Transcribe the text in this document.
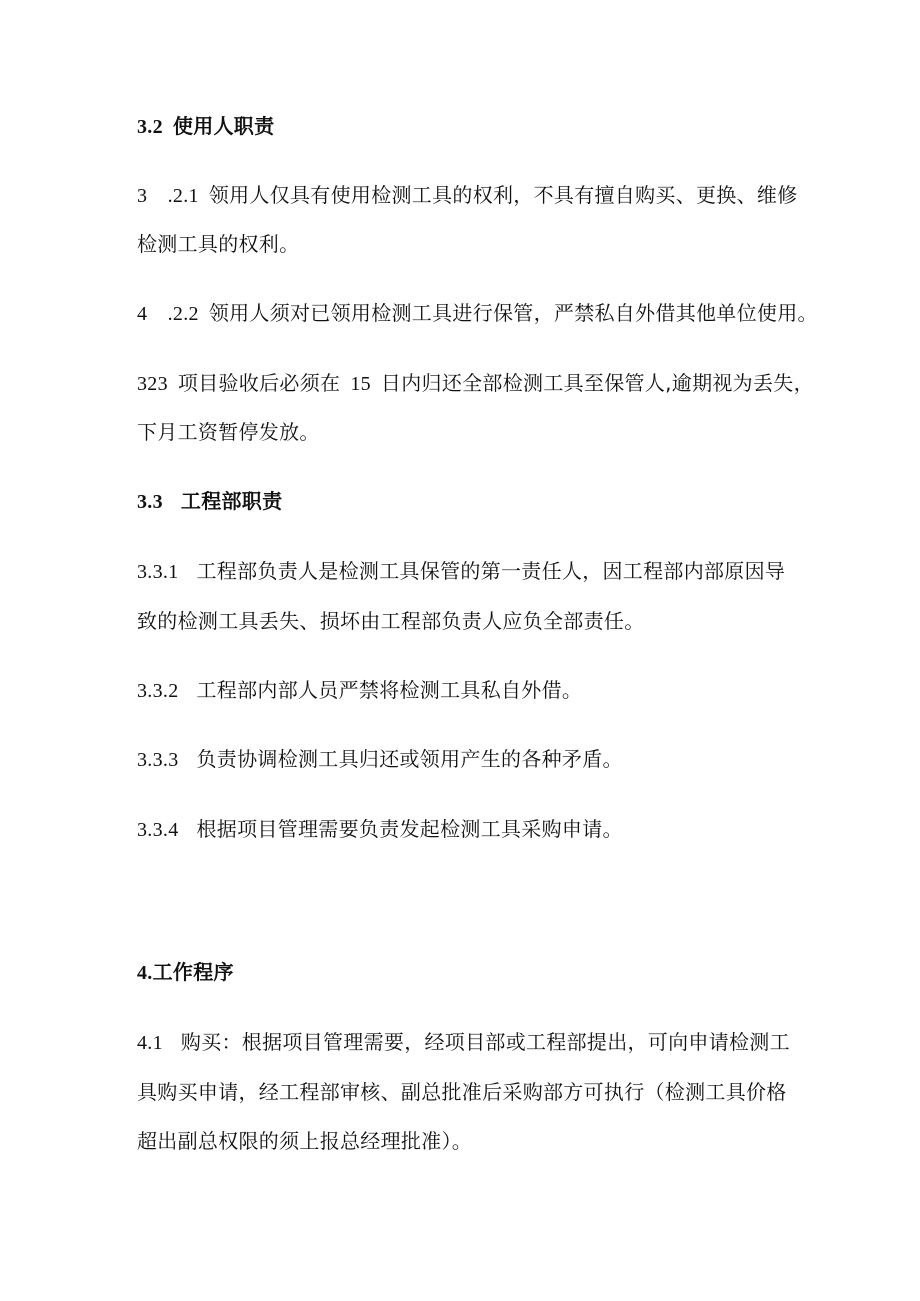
3.2 使用人职责
3　.2.1 领用人仅具有使用检测工具的权利，不具有擅自购买、更换、维修
检测工具的权利。
4　.2.2 领用人须对已领用检测工具进行保管，严禁私自外借其他单位使用。
323 项目验收后必须在 15 日内归还全部检测工具至保管人,逾期视为丢失，
下月工资暂停发放。
3.3 工程部职责
3.3.1 工程部负责人是检测工具保管的第一责任人，因工程部内部原因导
致的检测工具丢失、损坏由工程部负责人应负全部责任。
3.3.2 工程部内部人员严禁将检测工具私自外借。
3.3.3 负责协调检测工具归还或领用产生的各种矛盾。
3.3.4 根据项目管理需要负责发起检测工具采购申请。
4.工作程序
4.1 购买：根据项目管理需要，经项目部或工程部提出，可向申请检测工
具购买申请，经工程部审核、副总批准后采购部方可执行（检测工具价格
超出副总权限的须上报总经理批准）。
